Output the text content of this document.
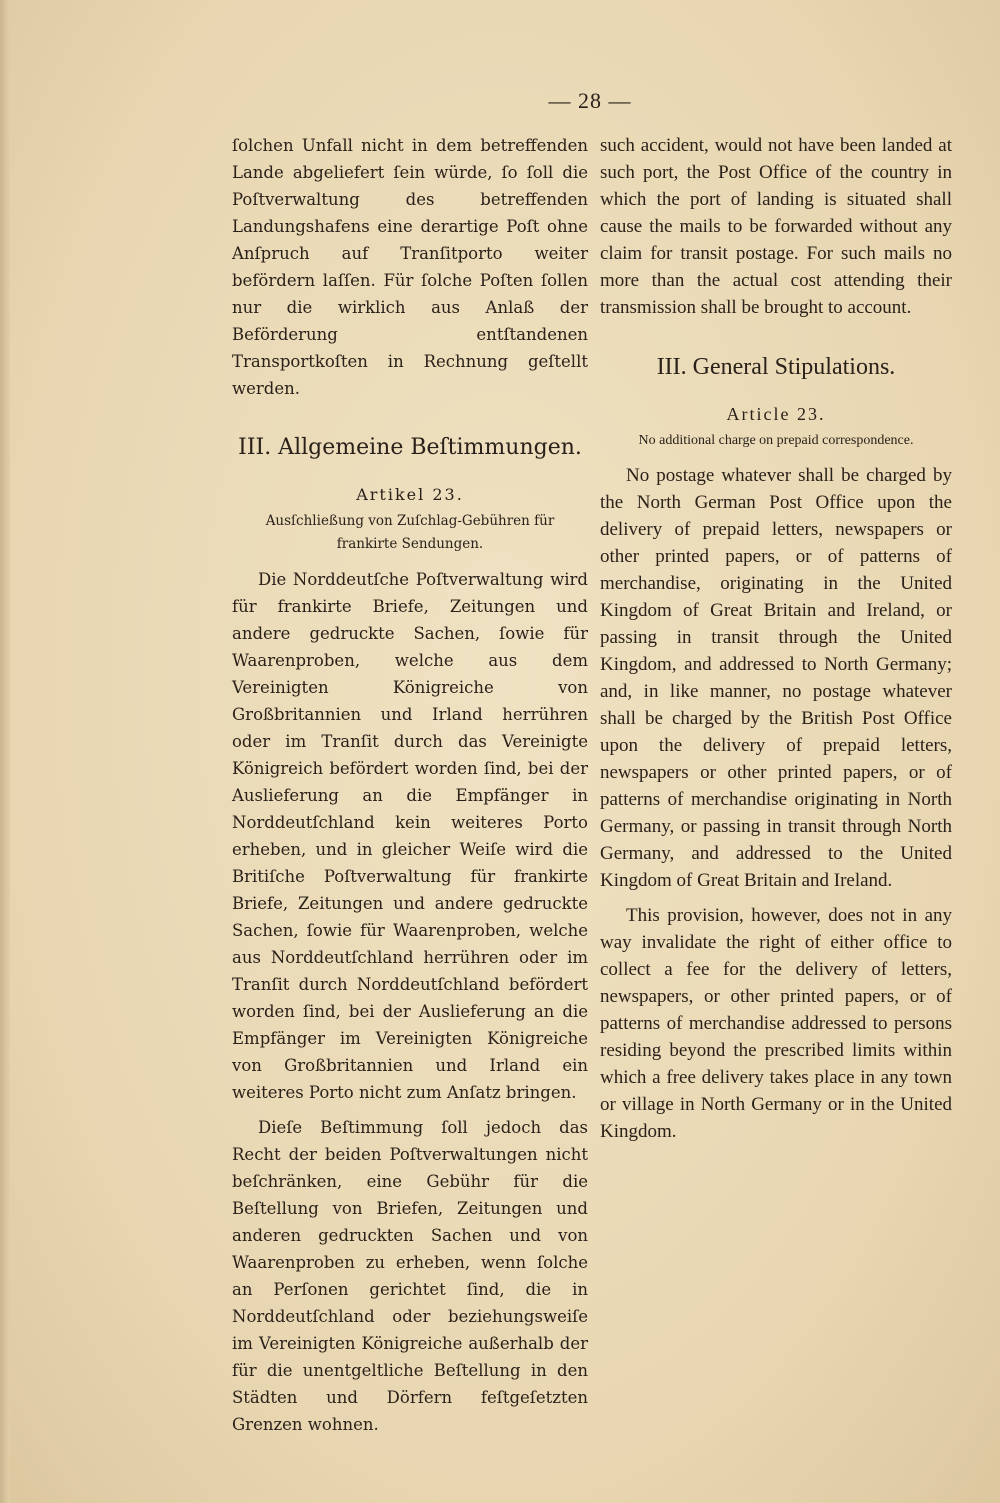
— 28 —

ſolchen Unfall nicht in dem betreffenden Lande abgeliefert ſein würde, ſo ſoll die Poſtverwaltung des betreffenden Landungshafens eine derartige Poſt ohne Anſpruch auf Tranſitporto weiter befördern laſſen. Für ſolche Poſten ſollen nur die wirklich aus Anlaß der Beförderung entſtandenen Transportkoſten in Rechnung geſtellt werden.

III. Allgemeine Beſtimmungen.
Artikel 23.
Ausſchließung von Zuſchlag-Gebühren für frankirte Sendungen.

Die Norddeutſche Poſtverwaltung wird für frankirte Briefe, Zeitungen und andere gedruckte Sachen, ſowie für Waarenproben, welche aus dem Vereinigten Königreiche von Großbritannien und Irland herrühren oder im Tranſit durch das Vereinigte Königreich befördert worden ſind, bei der Auslieferung an die Empfänger in Norddeutſchland kein weiteres Porto erheben, und in gleicher Weiſe wird die Britiſche Poſtverwaltung für frankirte Briefe, Zeitungen und andere gedruckte Sachen, ſowie für Waarenproben, welche aus Norddeutſchland herrühren oder im Tranſit durch Norddeutſchland befördert worden ſind, bei der Auslieferung an die Empfänger im Vereinigten Königreiche von Großbritannien und Irland ein weiteres Porto nicht zum Anſatz bringen.

Dieſe Beſtimmung ſoll jedoch das Recht der beiden Poſtverwaltungen nicht beſchränken, eine Gebühr für die Beſtellung von Briefen, Zeitungen und anderen gedruckten Sachen und von Waarenproben zu erheben, wenn ſolche an Perſonen gerichtet ſind, die in Norddeutſchland oder beziehungsweiſe im Vereinigten Königreiche außerhalb der für die unentgeltliche Beſtellung in den Städten und Dörfern feſtgeſetzten Grenzen wohnen.

such accident, would not have been landed at such port, the Post Office of the country in which the port of landing is situated shall cause the mails to be forwarded without any claim for transit postage. For such mails no more than the actual cost attending their transmission shall be brought to account.

III. General Stipulations.
Article 23.
No additional charge on prepaid correspondence.

No postage whatever shall be charged by the North German Post Office upon the delivery of prepaid letters, newspapers or other printed papers, or of patterns of merchandise, originating in the United Kingdom of Great Britain and Ireland, or passing in transit through the United Kingdom, and addressed to North Germany; and, in like manner, no postage whatever shall be charged by the British Post Office upon the delivery of prepaid letters, newspapers or other printed papers, or of patterns of merchandise originating in North Germany, or passing in transit through North Germany, and addressed to the United Kingdom of Great Britain and Ireland.

This provision, however, does not in any way invalidate the right of either office to collect a fee for the delivery of letters, newspapers, or other printed papers, or of patterns of merchandise addressed to persons residing beyond the prescribed limits within which a free delivery takes place in any town or village in North Germany or in the United Kingdom.
